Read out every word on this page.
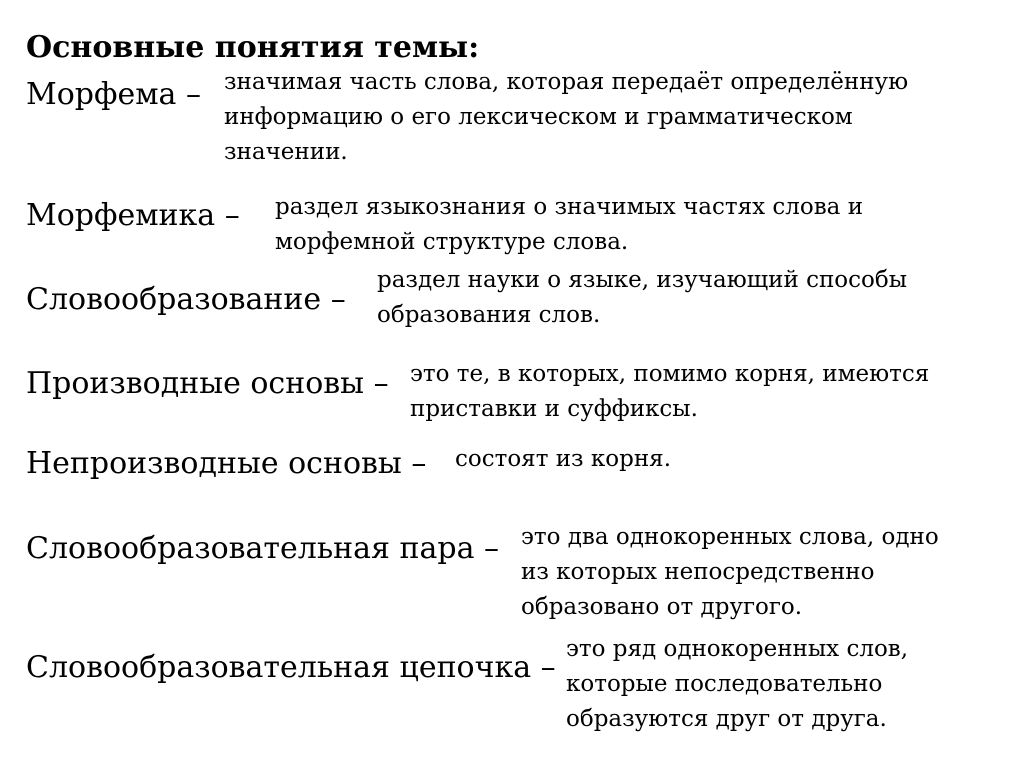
Основные понятия темы:
Морфема – значимая часть слова, которая передаёт определённую
информацию о его лексическом и грамматическом
значении.
Морфемика – раздел языкознания о значимых частях слова и
морфемной структуре слова.
Словообразование –
раздел науки о языке, изучающий способы
образования слов.
Производные основы – это те, в которых, помимо корня, имеются
приставки и суффиксы.
Непроизводные основы – состоят из корня.
Словообразовательная пара – это два однокоренных слова, одно
из которых непосредственно
образовано от другого.
Словообразовательная цепочка –
это ряд однокоренных слов,
которые последовательно
образуются друг от друга.
